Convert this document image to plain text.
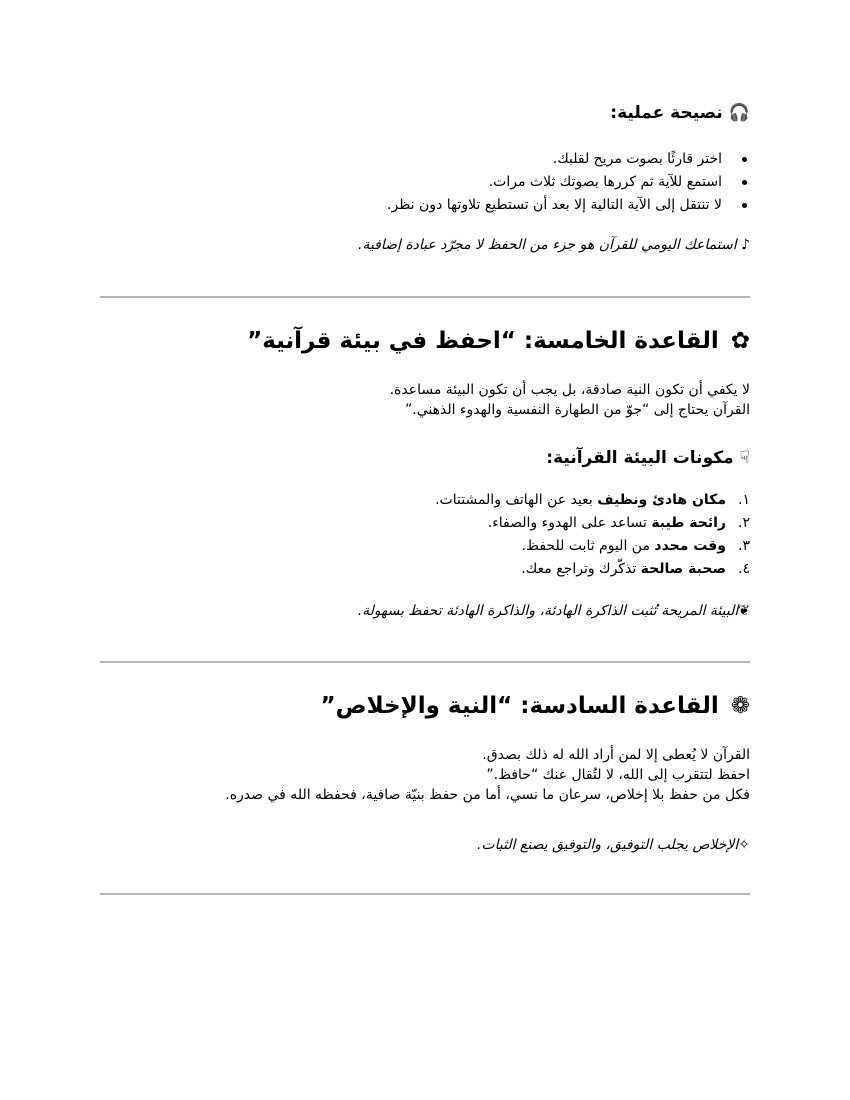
🎧نصيحة عملية:
اختر قارئًا بصوت مريح لقلبك.
استمع للآية ثم كررها بصوتك ثلاث مرات.
لا تنتقل إلى الآية التالية إلا بعد أن تستطيع تلاوتها دون نظر.
♪ استماعك اليومي للقرآن هو جزء من الحفظ لا مجرّد عبادة إضافية.
✿القاعدة الخامسة: “احفظ في بيئة قرآنية”
لا يكفي أن تكون النية صادقة، بل يجب أن تكون البيئة مساعدة.
القرآن يحتاج إلى “جوّ من الطهارة النفسية والهدوء الذهني.”
☟مكونات البيئة القرآنية:
١.مكان هادئ ونظيف بعيد عن الهاتف والمشتتات.
٢.رائحة طيبة تساعد على الهدوء والصفاء.
٣.وقت محدد من اليوم ثابت للحفظ.
٤.صحبة صالحة تذكّرك وتراجع معك.
❦البيئة المريحة تُثبت الذاكرة الهادئة، والذاكرة الهادئة تحفظ بسهولة.
❁القاعدة السادسة: “النية والإخلاص”
القرآن لا يُعطى إلا لمن أراد الله له ذلك بصدق.
احفظ لتتقرب إلى الله، لا لتُقال عنك “حافظ.”
فكل من حفظ بلا إخلاص، سرعان ما نسي، أما من حفظ بنيّة صافية، فحفظه الله في صدره.
✧الإخلاص يجلب التوفيق، والتوفيق يصنع الثبات.
